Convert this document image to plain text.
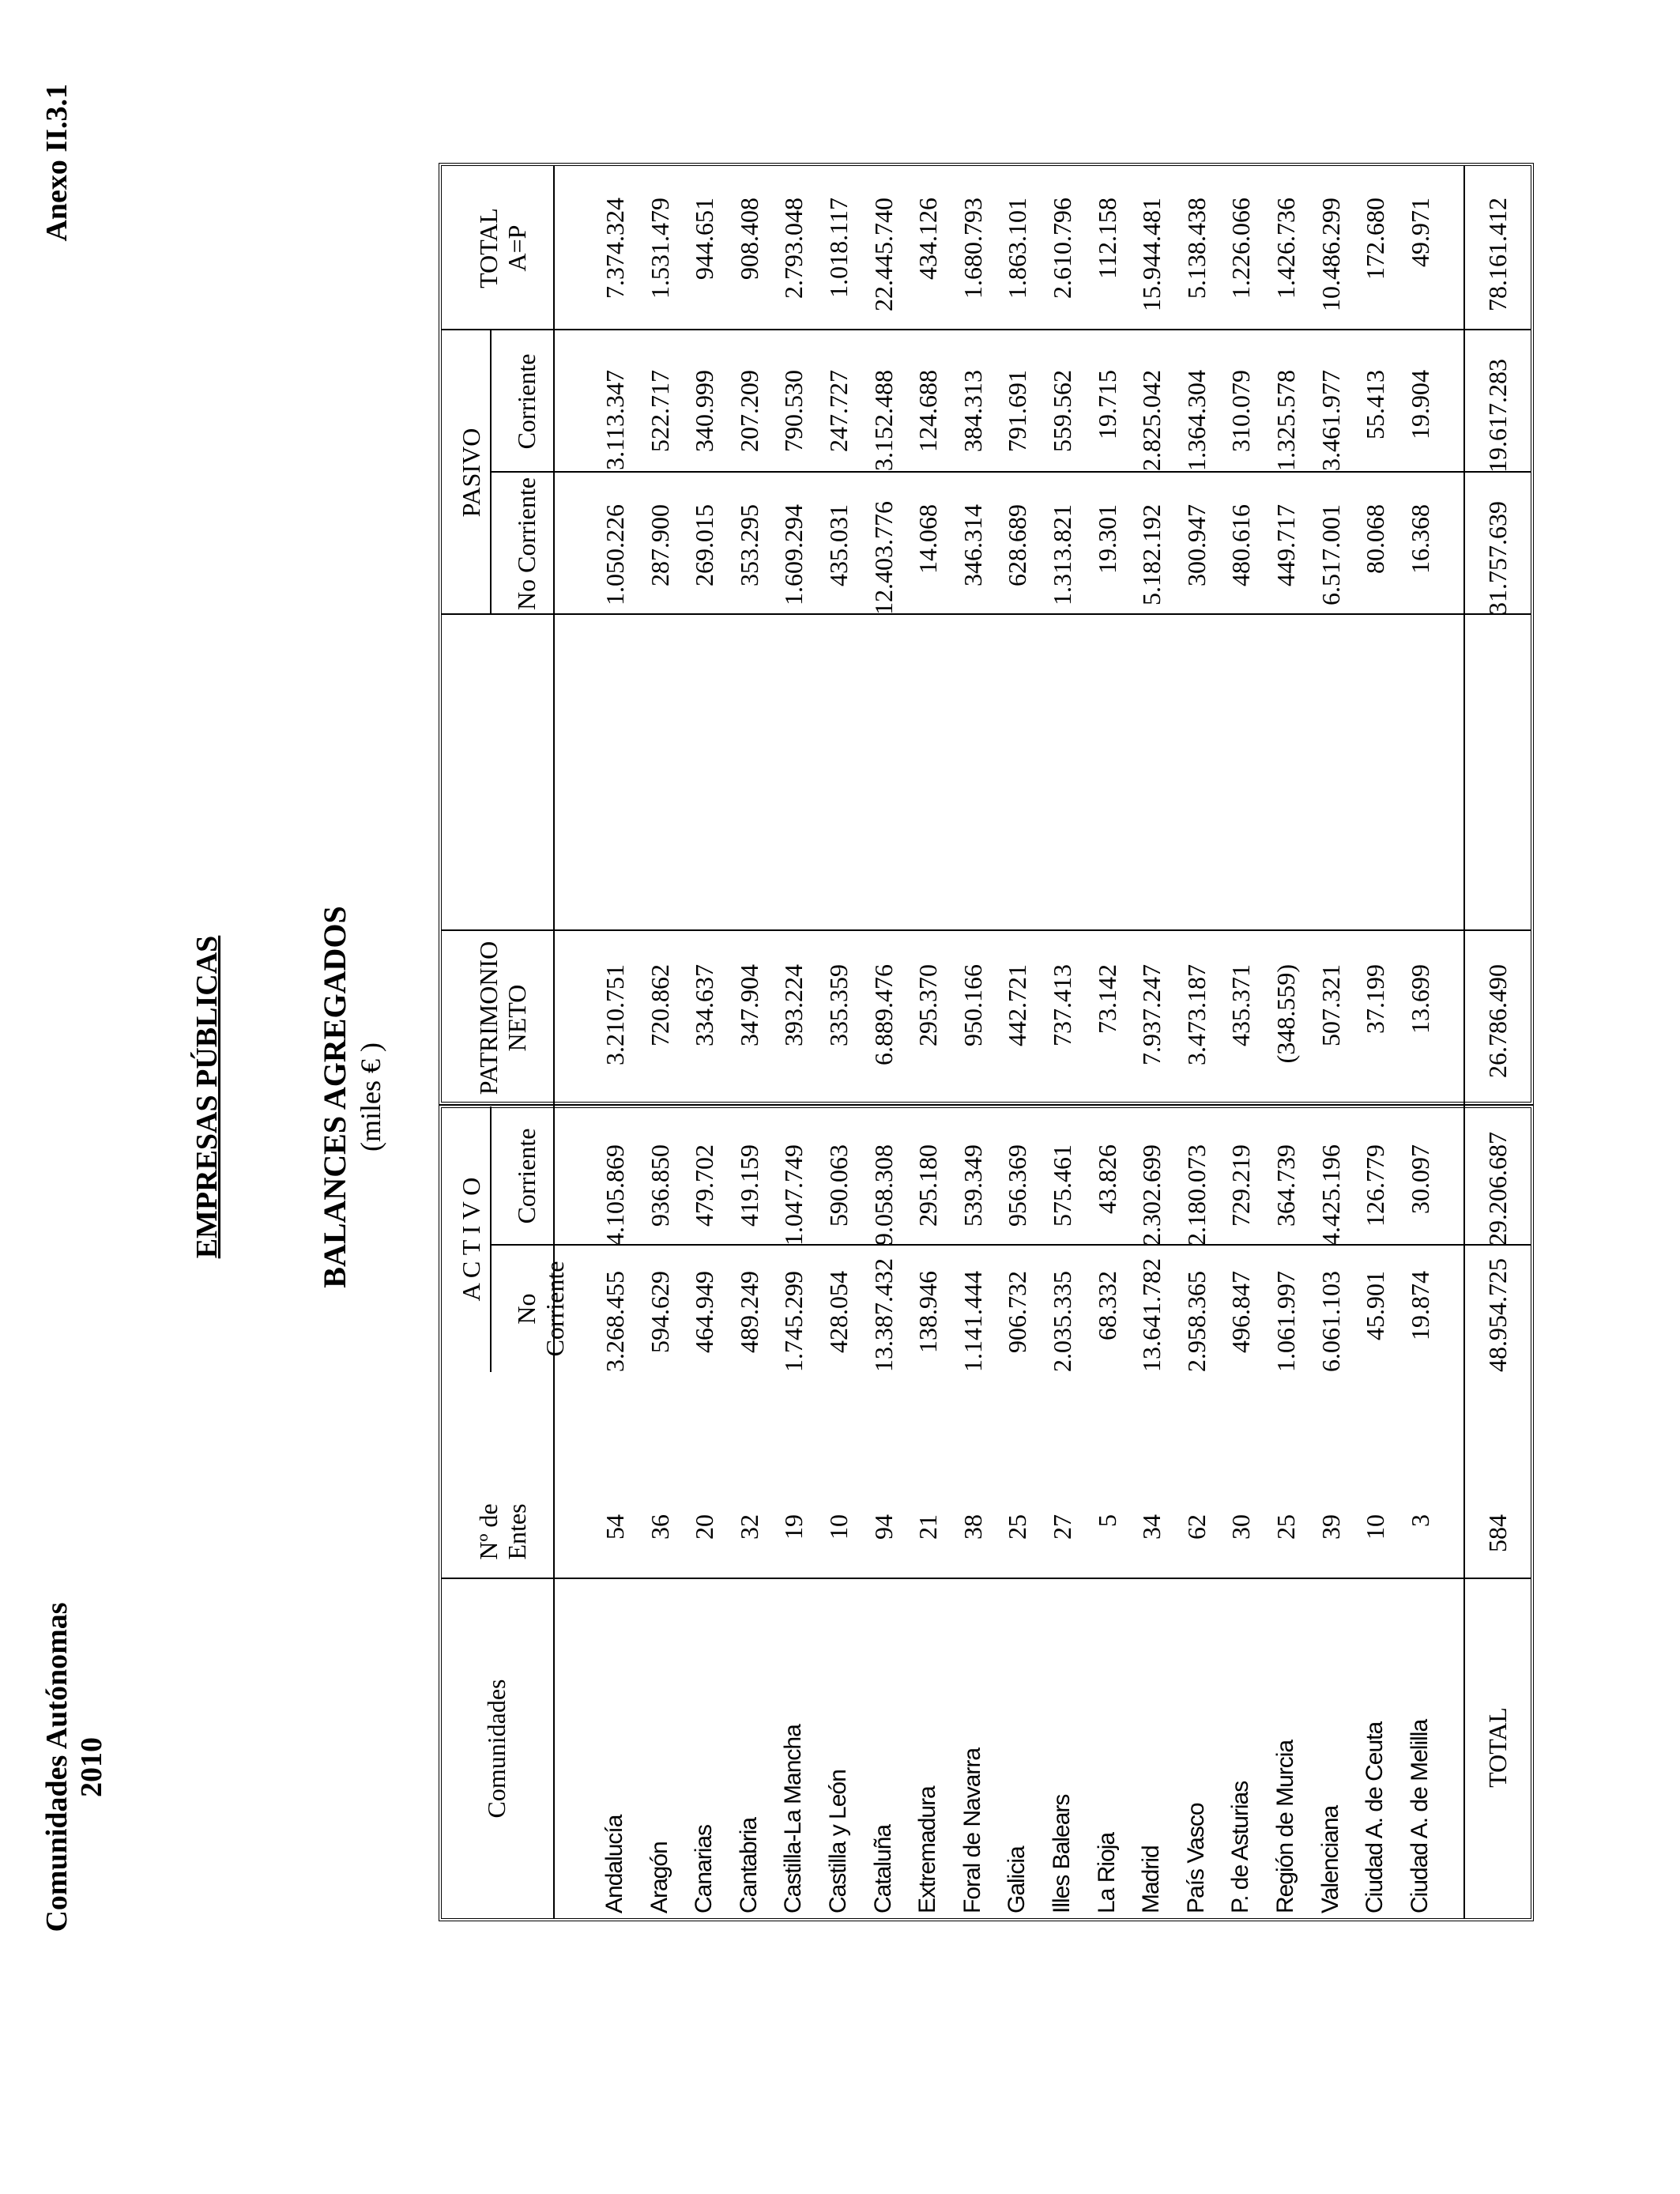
Comunidades Autónomas 2010
Anexo II.3.1
EMPRESAS PÚBLICAS	BALANCES AGREGADOS (miles € )
Comunidades
Nº de Entes
A C T I V O
No Corriente
Corriente
PATRIMONIO NETO
PASIVO
No Corriente
Corriente
TOTAL A=P
Andalucía
54
3.268.455
4.105.869
3.210.751
1.050.226
3.113.347
7.374.324
Aragón
36
594.629
936.850
720.862
287.900
522.717
1.531.479
Canarias
20
464.949
479.702
334.637
269.015
340.999
944.651
Cantabria
32
489.249
419.159
347.904
353.295
207.209
908.408
Castilla-La Mancha
19
1.745.299
1.047.749
393.224
1.609.294
790.530
2.793.048
Castilla y León
10
428.054
590.063
335.359
435.031
247.727
1.018.117
Cataluña
94
13.387.432
9.058.308
6.889.476
12.403.776
3.152.488
22.445.740
Extremadura
21
138.946
295.180
295.370
14.068
124.688
434.126
Foral de Navarra
38
1.141.444
539.349
950.166
346.314
384.313
1.680.793
Galicia
25
906.732
956.369
442.721
628.689
791.691
1.863.101
Illes Balears
27
2.035.335
575.461
737.413
1.313.821
559.562
2.610.796
La Rioja
5
68.332
43.826
73.142
19.301
19.715
112.158
Madrid
34
13.641.782
2.302.699
7.937.247
5.182.192
2.825.042
15.944.481
País Vasco
62
2.958.365
2.180.073
3.473.187
300.947
1.364.304
5.138.438
P. de Asturias
30
496.847
729.219
435.371
480.616
310.079
1.226.066
Región de Murcia
25
1.061.997
364.739
(348.559)
449.717
1.325.578
1.426.736
Valenciana
39
6.061.103
4.425.196
507.321
6.517.001
3.461.977
10.486.299
Ciudad A. de Ceuta
10
45.901
126.779
37.199
80.068
55.413
172.680
Ciudad A. de Melilla
3
19.874
30.097
13.699
16.368
19.904
49.971
TOTAL
584
48.954.725
29.206.687
26.786.490
31.757.639
19.617.283
78.161.412
